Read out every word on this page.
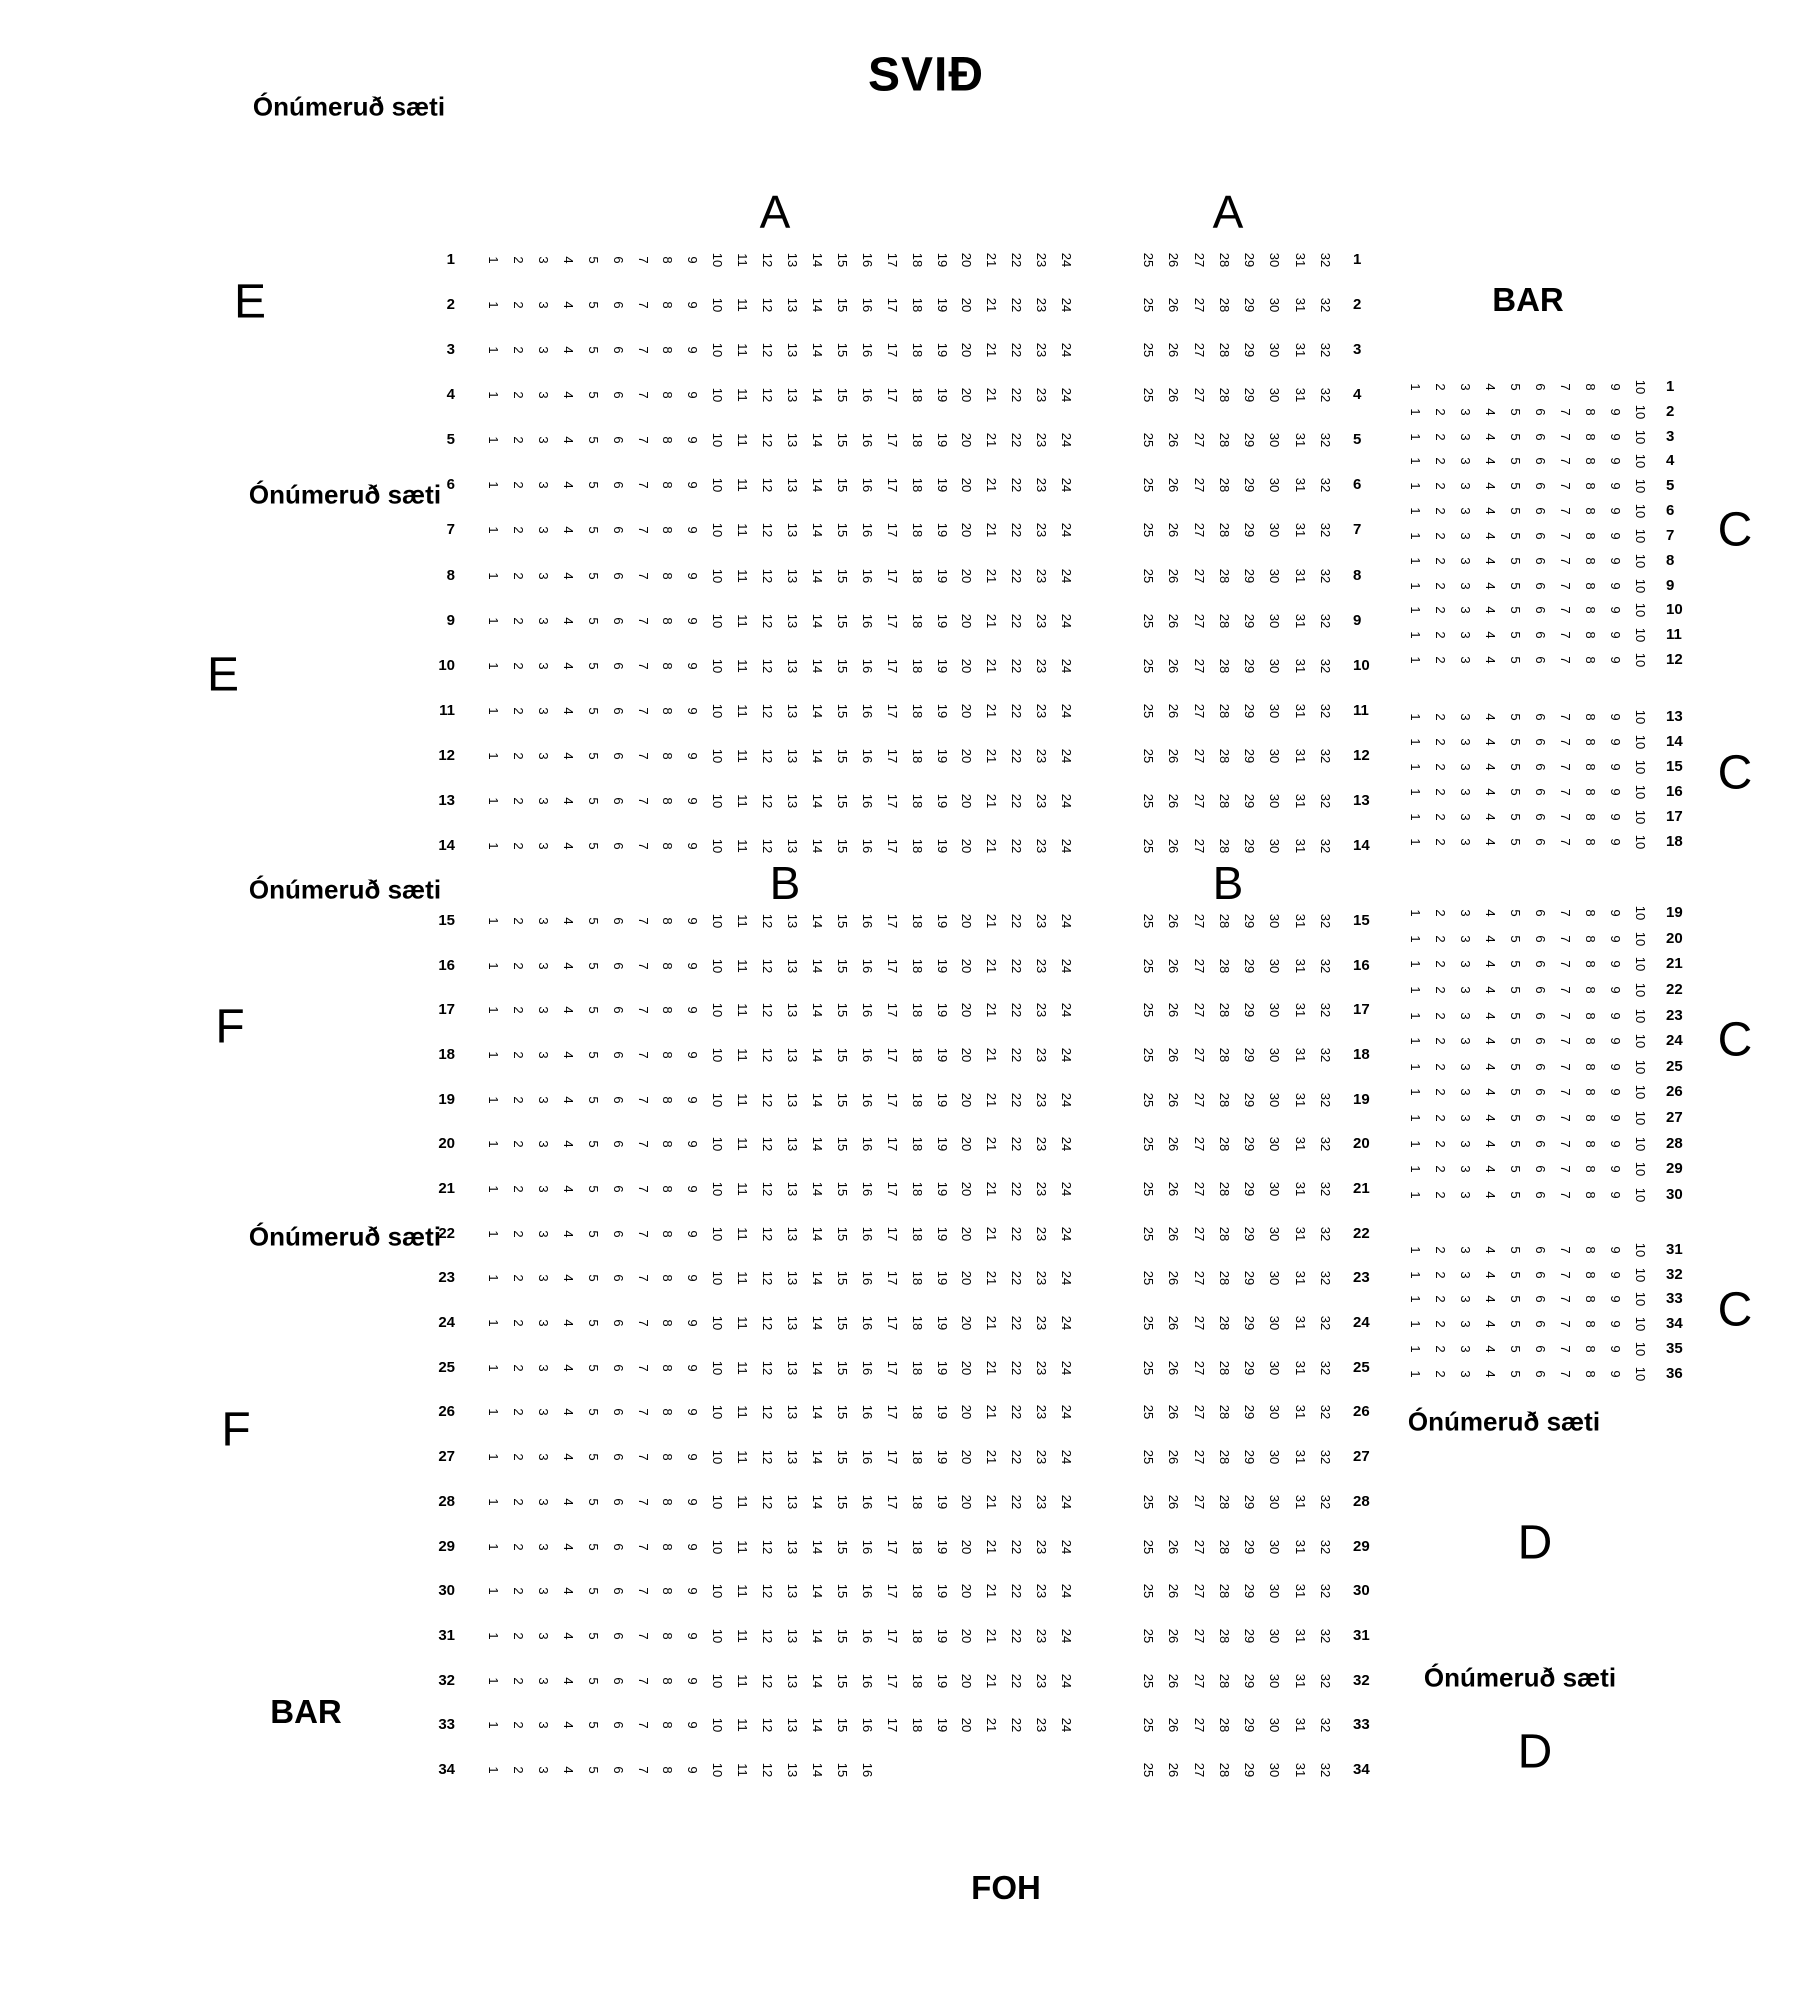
SVIÐ
Ónúmeruð sæti
E
Ónúmeruð sæti
E
Ónúmeruð sæti
F
Ónúmeruð sæti
F
BAR
FOH
A	A
B	B
BAR
C
C
C
C
Ónúmeruð sæti
D
Ónúmeruð sæti
D
1 1 2 3 4 5 6 7 8 9 10 11 12 13 14 15 16 17 18 19 20 21 22 23 24	25 26 27 28 29 30 31 32 1
2 1 2 3 4 5 6 7 8 9 10 11 12 13 14 15 16 17 18 19 20 21 22 23 24	25 26 27 28 29 30 31 32 2
3 1 2 3 4 5 6 7 8 9 10 11 12 13 14 15 16 17 18 19 20 21 22 23 24	25 26 27 28 29 30 31 32 3
4 1 2 3 4 5 6 7 8 9 10 11 12 13 14 15 16 17 18 19 20 21 22 23 24	25 26 27 28 29 30 31 32 4
5 1 2 3 4 5 6 7 8 9 10 11 12 13 14 15 16 17 18 19 20 21 22 23 24	25 26 27 28 29 30 31 32 5
6 1 2 3 4 5 6 7 8 9 10 11 12 13 14 15 16 17 18 19 20 21 22 23 24	25 26 27 28 29 30 31 32 6
7 1 2 3 4 5 6 7 8 9 10 11 12 13 14 15 16 17 18 19 20 21 22 23 24	25 26 27 28 29 30 31 32 7
8 1 2 3 4 5 6 7 8 9 10 11 12 13 14 15 16 17 18 19 20 21 22 23 24	25 26 27 28 29 30 31 32 8
9 1 2 3 4 5 6 7 8 9 10 11 12 13 14 15 16 17 18 19 20 21 22 23 24	25 26 27 28 29 30 31 32 9
10 1 2 3 4 5 6 7 8 9 10 11 12 13 14 15 16 17 18 19 20 21 22 23 24	25 26 27 28 29 30 31 32 10
11 1 2 3 4 5 6 7 8 9 10 11 12 13 14 15 16 17 18 19 20 21 22 23 24	25 26 27 28 29 30 31 32 11
12 1 2 3 4 5 6 7 8 9 10 11 12 13 14 15 16 17 18 19 20 21 22 23 24	25 26 27 28 29 30 31 32 12
13 1 2 3 4 5 6 7 8 9 10 11 12 13 14 15 16 17 18 19 20 21 22 23 24	25 26 27 28 29 30 31 32 13
14 1 2 3 4 5 6 7 8 9 10 11 12 13 14 15 16 17 18 19 20 21 22 23 24	25 26 27 28 29 30 31 32 14
15 1 2 3 4 5 6 7 8 9 10 11 12 13 14 15 16 17 18 19 20 21 22 23 24	25 26 27 28 29 30 31 32 15
16 1 2 3 4 5 6 7 8 9 10 11 12 13 14 15 16 17 18 19 20 21 22 23 24	25 26 27 28 29 30 31 32 16
17 1 2 3 4 5 6 7 8 9 10 11 12 13 14 15 16 17 18 19 20 21 22 23 24	25 26 27 28 29 30 31 32 17
18 1 2 3 4 5 6 7 8 9 10 11 12 13 14 15 16 17 18 19 20 21 22 23 24	25 26 27 28 29 30 31 32 18
19 1 2 3 4 5 6 7 8 9 10 11 12 13 14 15 16 17 18 19 20 21 22 23 24	25 26 27 28 29 30 31 32 19
20 1 2 3 4 5 6 7 8 9 10 11 12 13 14 15 16 17 18 19 20 21 22 23 24	25 26 27 28 29 30 31 32 20
21 1 2 3 4 5 6 7 8 9 10 11 12 13 14 15 16 17 18 19 20 21 22 23 24	25 26 27 28 29 30 31 32 21
22 1 2 3 4 5 6 7 8 9 10 11 12 13 14 15 16 17 18 19 20 21 22 23 24	25 26 27 28 29 30 31 32 22
23 1 2 3 4 5 6 7 8 9 10 11 12 13 14 15 16 17 18 19 20 21 22 23 24	25 26 27 28 29 30 31 32 23
24 1 2 3 4 5 6 7 8 9 10 11 12 13 14 15 16 17 18 19 20 21 22 23 24	25 26 27 28 29 30 31 32 24
25 1 2 3 4 5 6 7 8 9 10 11 12 13 14 15 16 17 18 19 20 21 22 23 24	25 26 27 28 29 30 31 32 25
26 1 2 3 4 5 6 7 8 9 10 11 12 13 14 15 16 17 18 19 20 21 22 23 24	25 26 27 28 29 30 31 32 26
27 1 2 3 4 5 6 7 8 9 10 11 12 13 14 15 16 17 18 19 20 21 22 23 24	25 26 27 28 29 30 31 32 27
28 1 2 3 4 5 6 7 8 9 10 11 12 13 14 15 16 17 18 19 20 21 22 23 24	25 26 27 28 29 30 31 32 28
29 1 2 3 4 5 6 7 8 9 10 11 12 13 14 15 16 17 18 19 20 21 22 23 24	25 26 27 28 29 30 31 32 29
30 1 2 3 4 5 6 7 8 9 10 11 12 13 14 15 16 17 18 19 20 21 22 23 24	25 26 27 28 29 30 31 32 30
31 1 2 3 4 5 6 7 8 9 10 11 12 13 14 15 16 17 18 19 20 21 22 23 24	25 26 27 28 29 30 31 32 31
32 1 2 3 4 5 6 7 8 9 10 11 12 13 14 15 16 17 18 19 20 21 22 23 24	25 26 27 28 29 30 31 32 32
33 1 2 3 4 5 6 7 8 9 10 11 12 13 14 15 16 17 18 19 20 21 22 23 24	25 26 27 28 29 30 31 32 33
34 1 2 3 4 5 6 7 8 9 10 11 12 13 14 15 16	25 26 27 28 29 30 31 32 34
1 2 3 4 5 6 7 8 9 10 1
1 2 3 4 5 6 7 8 9 10 2
1 2 3 4 5 6 7 8 9 10 3
1 2 3 4 5 6 7 8 9 10 4
1 2 3 4 5 6 7 8 9 10 5
1 2 3 4 5 6 7 8 9 10 6
1 2 3 4 5 6 7 8 9 10 7
1 2 3 4 5 6 7 8 9 10 8
1 2 3 4 5 6 7 8 9 10 9
1 2 3 4 5 6 7 8 9 10 10
1 2 3 4 5 6 7 8 9 10 11
1 2 3 4 5 6 7 8 9 10 12
1 2 3 4 5 6 7 8 9 10 13
1 2 3 4 5 6 7 8 9 10 14
1 2 3 4 5 6 7 8 9 10 15
1 2 3 4 5 6 7 8 9 10 16
1 2 3 4 5 6 7 8 9 10 17
1 2 3 4 5 6 7 8 9 10 18
1 2 3 4 5 6 7 8 9 10 19
1 2 3 4 5 6 7 8 9 10 20
1 2 3 4 5 6 7 8 9 10 21
1 2 3 4 5 6 7 8 9 10 22
1 2 3 4 5 6 7 8 9 10 23
1 2 3 4 5 6 7 8 9 10 24
1 2 3 4 5 6 7 8 9 10 25
1 2 3 4 5 6 7 8 9 10 26
1 2 3 4 5 6 7 8 9 10 27
1 2 3 4 5 6 7 8 9 10 28
1 2 3 4 5 6 7 8 9 10 29
1 2 3 4 5 6 7 8 9 10 30
1 2 3 4 5 6 7 8 9 10 31
1 2 3 4 5 6 7 8 9 10 32
1 2 3 4 5 6 7 8 9 10 33
1 2 3 4 5 6 7 8 9 10 34
1 2 3 4 5 6 7 8 9 10 35
1 2 3 4 5 6 7 8 9 10 36
